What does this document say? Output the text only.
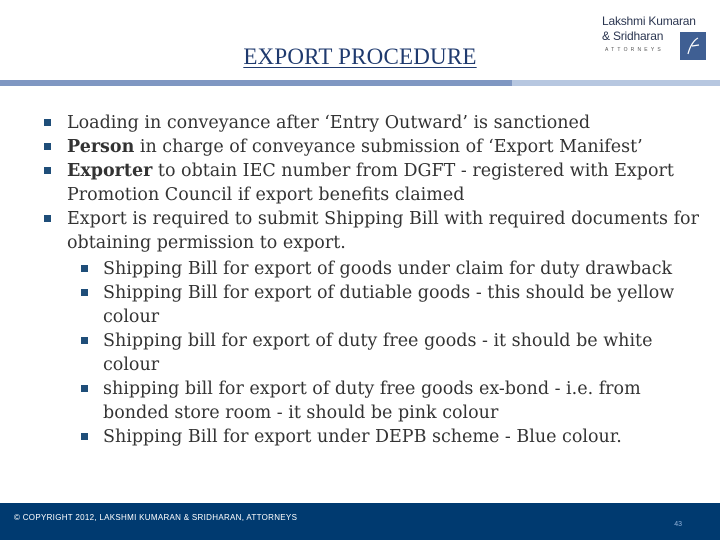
EXPORT PROCEDURE
Lakshmi Kumaran
& Sridharan
ATTORNEYS
Loading in conveyance after ‘Entry Outward’ is sanctioned
Person in charge of conveyance submission of ‘Export Manifest’
Exporter to obtain IEC number from DGFT - registered with Export Promotion Council if export benefits claimed
Export is required to submit Shipping Bill with required documents for obtaining permission to export.
Shipping Bill for export of goods under claim for duty drawback
Shipping Bill for export of dutiable goods - this should be yellow colour
Shipping bill for export of duty free goods - it should be white colour
shipping bill for export of duty free goods ex-bond - i.e. from bonded store room - it should be pink colour
Shipping Bill for export under DEPB scheme - Blue colour.
© COPYRIGHT 2012, LAKSHMI KUMARAN & SRIDHARAN, ATTORNEYS
43
